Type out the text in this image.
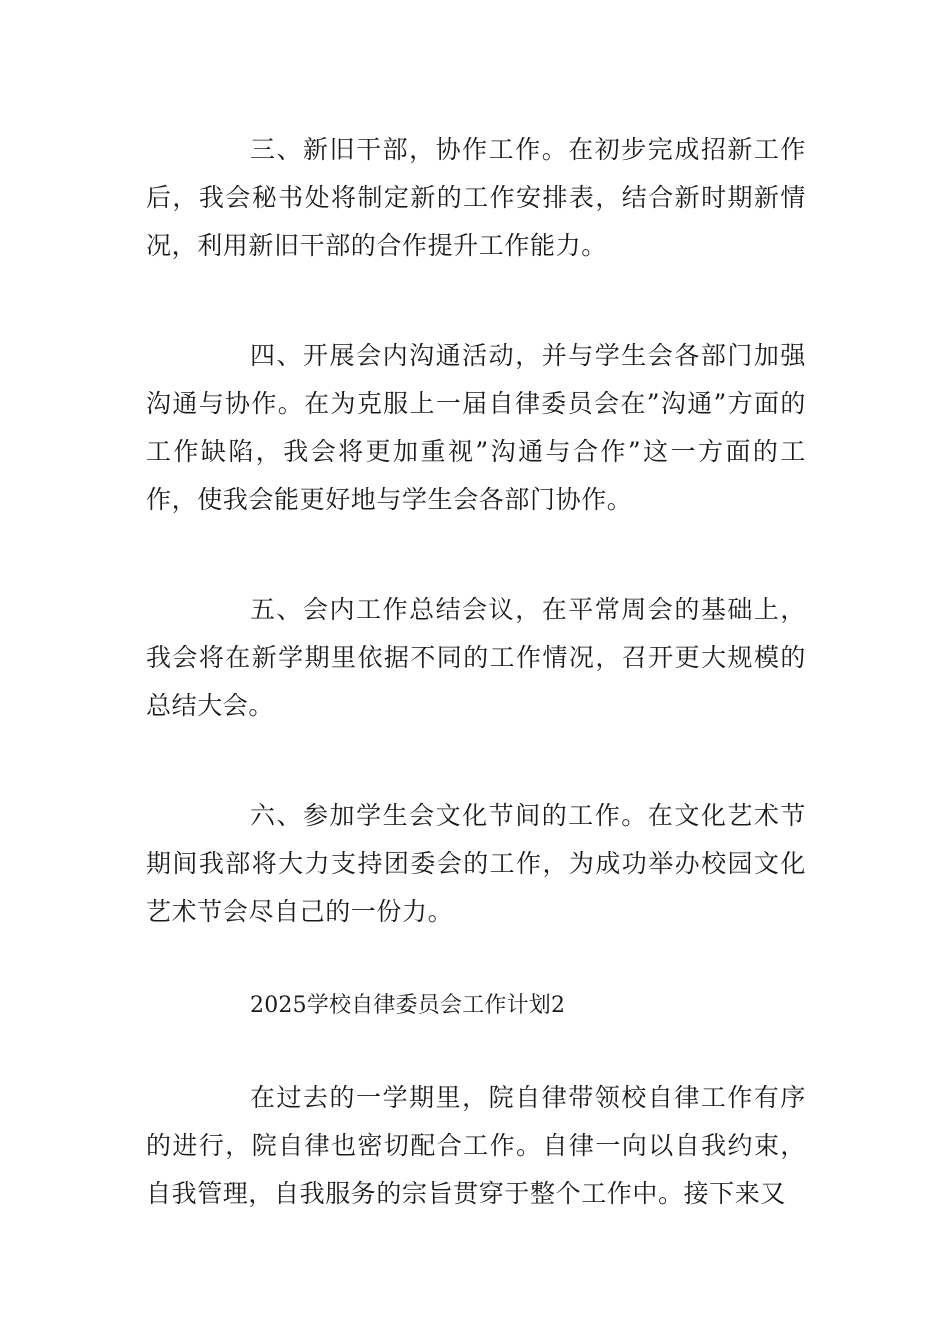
三、新旧干部，协作工作。在初步完成招新工作后，我会秘书处将制定新的工作安排表，结合新时期新情况，利用新旧干部的合作提升工作能力。

四、开展会内沟通活动，并与学生会各部门加强沟通与协作。在为克服上一届自律委员会在”沟通”方面的工作缺陷，我会将更加重视”沟通与合作”这一方面的工作，使我会能更好地与学生会各部门协作。

五、会内工作总结会议，在平常周会的基础上，我会将在新学期里依据不同的工作情况，召开更大规模的总结大会。

六、参加学生会文化节间的工作。在文化艺术节期间我部将大力支持团委会的工作，为成功举办校园文化艺术节会尽自己的一份力。

2025学校自律委员会工作计划2

在过去的一学期里，院自律带领校自律工作有序的进行，院自律也密切配合工作。自律一向以自我约束，自我管理，自我服务的宗旨贯穿于整个工作中。接下来又
